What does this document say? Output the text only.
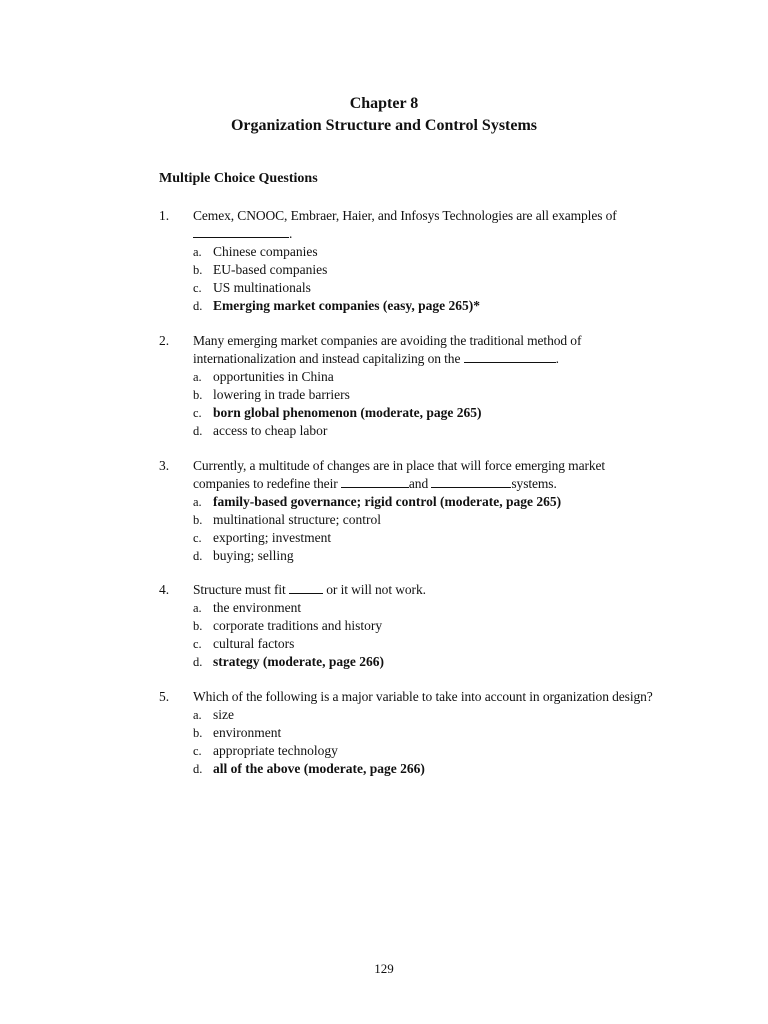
Chapter 8
Organization Structure and Control Systems
Multiple Choice Questions
1. Cemex, CNOOC, Embraer, Haier, and Infosys Technologies are all examples of.
a. Chinese companies
b. EU-based companies
c. US multinationals
d. Emerging market companies (easy, page 265)*
2. Many emerging market companies are avoiding the traditional method of internationalization and instead capitalizing on the	.
a. opportunities in China
b. lowering in trade barriers
c. born global phenomenon (moderate, page 265)
d. access to cheap labor
3. Currently, a multitude of changes are in place that will force emerging market companies to redefine their	and	systems.
a. family-based governance; rigid control (moderate, page 265)
b. multinational structure; control
c. exporting; investment
d. buying; selling
4. Structure must fit	or it will not work.
a. the environment
b. corporate traditions and history
c. cultural factors
d. strategy (moderate, page 266)
5. Which of the following is a major variable to take into account in organization design?
a. size
b. environment
c. appropriate technology
d. all of the above (moderate, page 266)
129
